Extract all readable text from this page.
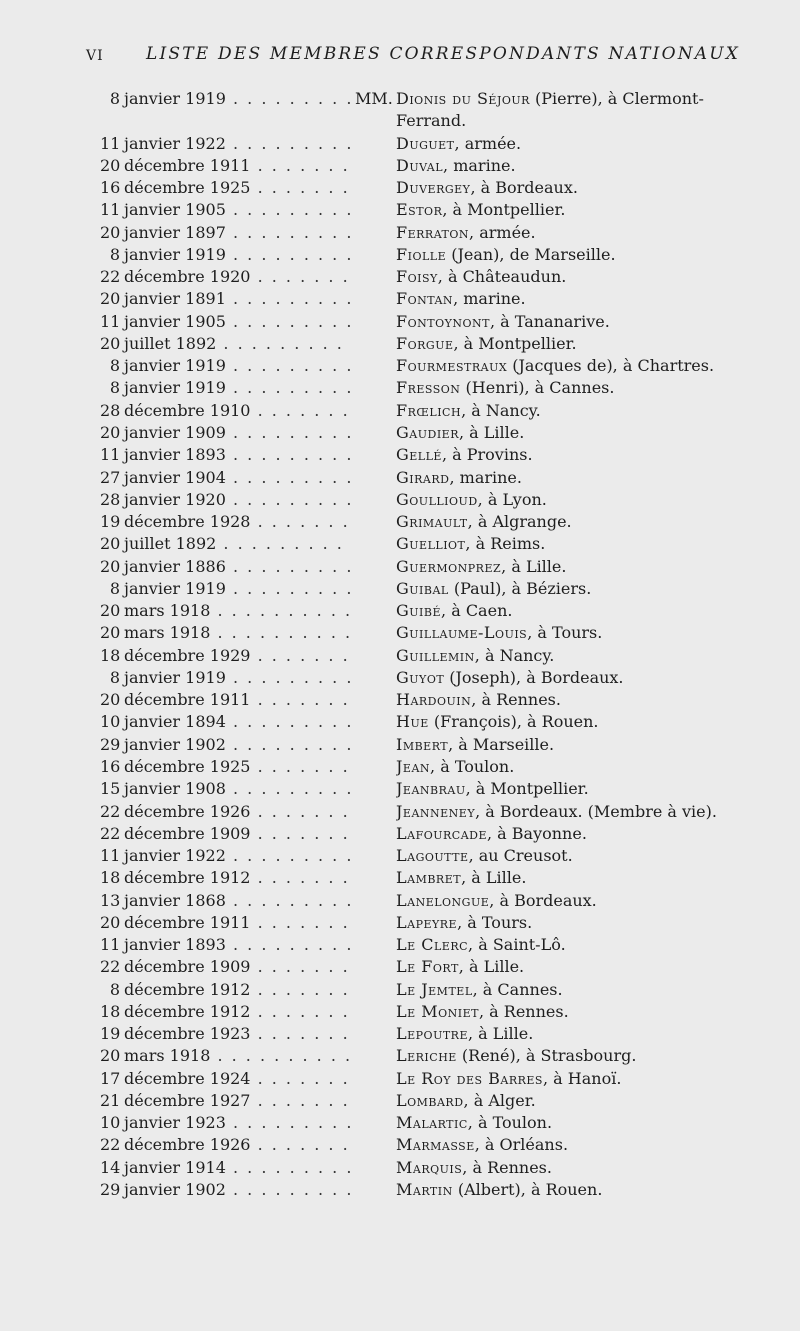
VI LISTE DES MEMBRES CORRESPONDANTS NATIONAUX
8 janvier 1919 . . .	MM. Dionis du Séjour (Pierre), à Clermont-
Ferrand.
11 janvier 1922 . . .	Duguet, armée.
20 décembre 1911 . . .	Duval, marine.
16 décembre 1925 . . .	Duvergey, à Bordeaux.
11 janvier 1905 . . .	Estor, à Montpellier.
20 janvier 1897 . . .	Ferraton, armée.
8 janvier 1919 . . .	Fiolle (Jean), de Marseille.
22 décembre 1920 . . .	Foisy, à Châteaudun.
20 janvier 1891 . . .	Fontan, marine.
11 janvier 1905 . . .	Fontoynont, à Tananarive.
20 juillet 1892 . . .	Forgue, à Montpellier.
8 janvier 1919 . . .	Fourmestraux (Jacques de), à Chartres.
8 janvier 1919 . . .	Fresson (Henri), à Cannes.
28 décembre 1910 . . .	Frœlich, à Nancy.
20 janvier 1909 . . .	Gaudier, à Lille.
11 janvier 1893 . . .	Gellé, à Provins.
27 janvier 1904 . . .	Girard, marine.
28 janvier 1920 . . .	Goullioud, à Lyon.
19 décembre 1928 . . .	Grimault, à Algrange.
20 juillet 1892 . . .	Guelliot, à Reims.
20 janvier 1886 . . .	Guermonprez, à Lille.
8 janvier 1919 . . .	Guibal (Paul), à Béziers.
20 mars 1918 . . .	Guibé, à Caen.
20 mars 1918 . . .	Guillaume-Louis, à Tours.
18 décembre 1929 . . .	Guillemin, à Nancy.
8 janvier 1919 . . .	Guyot (Joseph), à Bordeaux.
20 décembre 1911 . . .	Hardouin, à Rennes.
10 janvier 1894 . . .	Hue (François), à Rouen.
29 janvier 1902 . . .	Imbert, à Marseille.
16 décembre 1925 . . .	Jean, à Toulon.
15 janvier 1908 . . .	Jeanbrau, à Montpellier.
22 décembre 1926 . . .	Jeanneney, à Bordeaux. (Membre à vie).
22 décembre 1909 . . .	Lafourcade, à Bayonne.
11 janvier 1922 . . .	Lagoutte, au Creusot.
18 décembre 1912 . . .	Lambret, à Lille.
13 janvier 1868 . . .	Lanelongue, à Bordeaux.
20 décembre 1911 . . .	Lapeyre, à Tours.
11 janvier 1893 . . .	Le Clerc, à Saint-Lô.
22 décembre 1909 . . .	Le Fort, à Lille.
8 décembre 1912 . . .	Le Jemtel, à Cannes.
18 décembre 1912 . . .	Le Moniet, à Rennes.
19 décembre 1923 . . .	Lepoutre, à Lille.
20 mars 1918 . . .	Leriche (René), à Strasbourg.
17 décembre 1924 . . .	Le Roy des Barres, à Hanoï.
21 décembre 1927 . . .	Lombard, à Alger.
10 janvier 1923 . . .	Malartic, à Toulon.
22 décembre 1926 . . .	Marmasse, à Orléans.
14 janvier 1914 . . .	Marquis, à Rennes.
29 janvier 1902 . . .	Martin (Albert), à Rouen.
